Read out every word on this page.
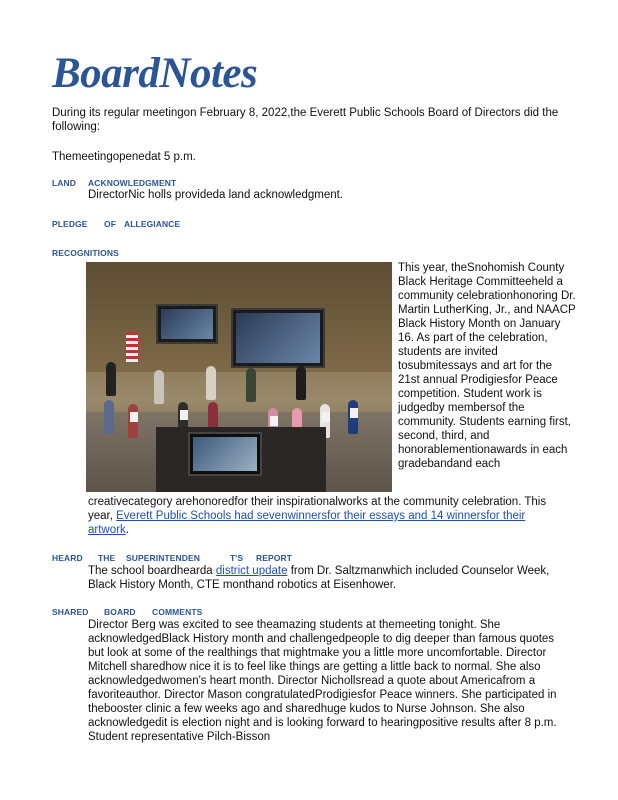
BoardNotes
During its regular meetingon February 8, 2022,the Everett Public Schools Board of Directors did the following:
Themeetingopenedat 5 p.m.
LAND ACKNOWLEDGMENT
DirectorNic holls provideda land acknowledgment.
PLEDGE OF ALLEGIANCE
RECOGNITIONS
This year, theSnohomish County Black Heritage Committeeheld a community celebrationhonoring Dr. Martin LutherKing, Jr., and NAACP Black History Month on January 16. As part of the celebration, students are invited tosubmitessays and art for the 21st annual Prodigiesfor Peace competition. Student work is judgedby membersof the community. Students earning first, second, third, and honorablementionawards in each gradebandand each
creativecategory arehonoredfor their inspirationalworks at the community celebration. This year, Everett Public Schools had sevenwinnersfor their essays and 14 winnersfor their artwork.
HEARD THE SUPERINTENDEN	T'S REPORT
The school boardhearda district update from Dr. Saltzmanwhich included Counselor Week, Black History Month, CTE monthand robotics at Eisenhower.
SHARED BOARD COMMENTS
Director Berg was excited to see theamazing students at themeeting tonight. She acknowledgedBlack History month and challengedpeople to dig deeper than famous quotes but look at some of the realthings that mightmake you a little more uncomfortable. Director Mitchell sharedhow nice it is to feel like things are getting a little back to normal. She also acknowledgedwomen's heart month. Director Nichollsread a quote about Americafrom a favoriteauthor. Director Mason congratulatedProdigiesfor Peace winners. She participated in thebooster clinic a few weeks ago and sharedhuge kudos to Nurse Johnson. She also acknowledgedit is election night and is looking forward to hearingpositive results after 8 p.m. Student representative Pilch-Bisson
